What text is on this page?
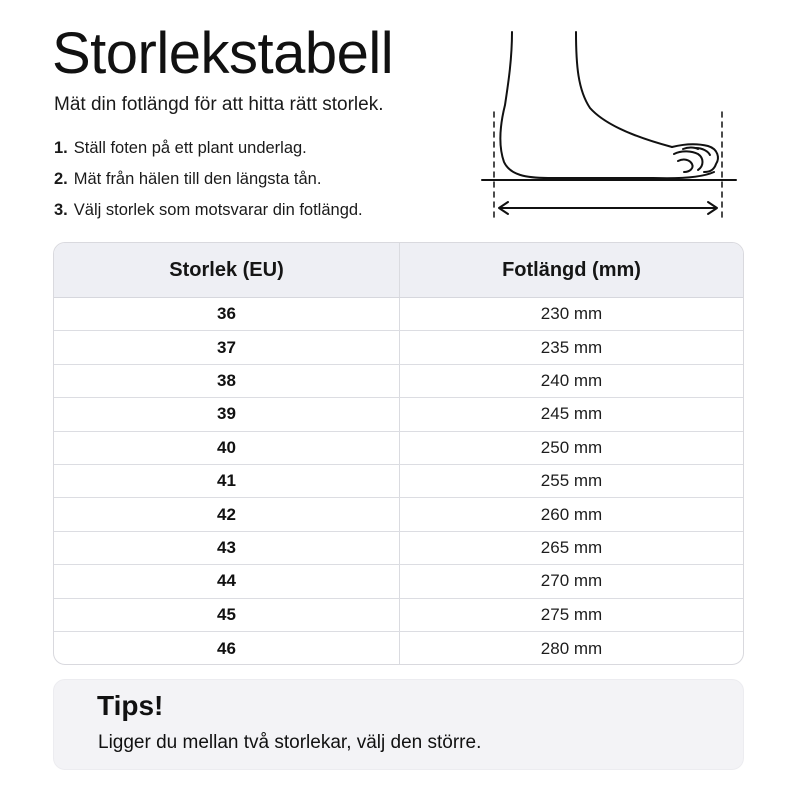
Storlekstabell

Mät din fotlängd för att hitta rätt storlek.

1. Ställ foten på ett plant underlag.
2. Mät från hälen till den längsta tån.
3. Välj storlek som motsvarar din fotlängd.
Storlek (EU)	Fotlängd (mm)
36	230 mm
37	235 mm
38	240 mm
39	245 mm
40	250 mm
41	255 mm
42	260 mm
43	265 mm
44	270 mm
45	275 mm
46	280 mm
Tips!
Ligger du mellan två storlekar, välj den större.
